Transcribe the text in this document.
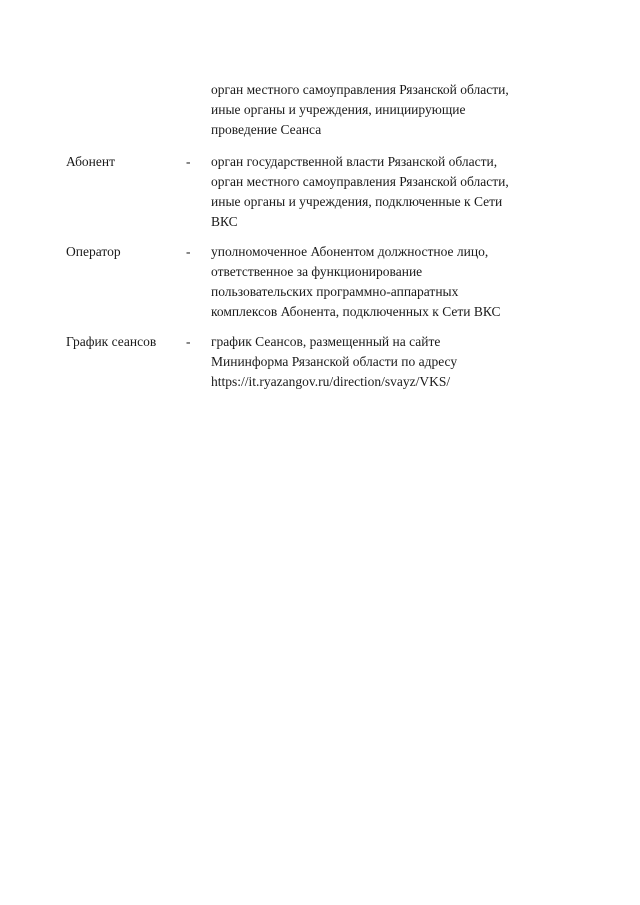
орган местного самоуправления Рязанской области,
иные органы и учреждения, инициирующие
проведение Сеанса
Абонент	- орган государственной власти Рязанской области,
орган местного самоуправления Рязанской области,
иные органы и учреждения, подключенные к Сети
ВКС
Оператор	- уполномоченное Абонентом должностное лицо,
ответственное за функционирование
пользовательских программно-аппаратных
комплексов Абонента, подключенных к Сети ВКС
График сеансов - график Сеансов, размещенный на сайте
Мининформа Рязанской области по адресу
https://it.ryazangov.ru/direction/svayz/VKS/
